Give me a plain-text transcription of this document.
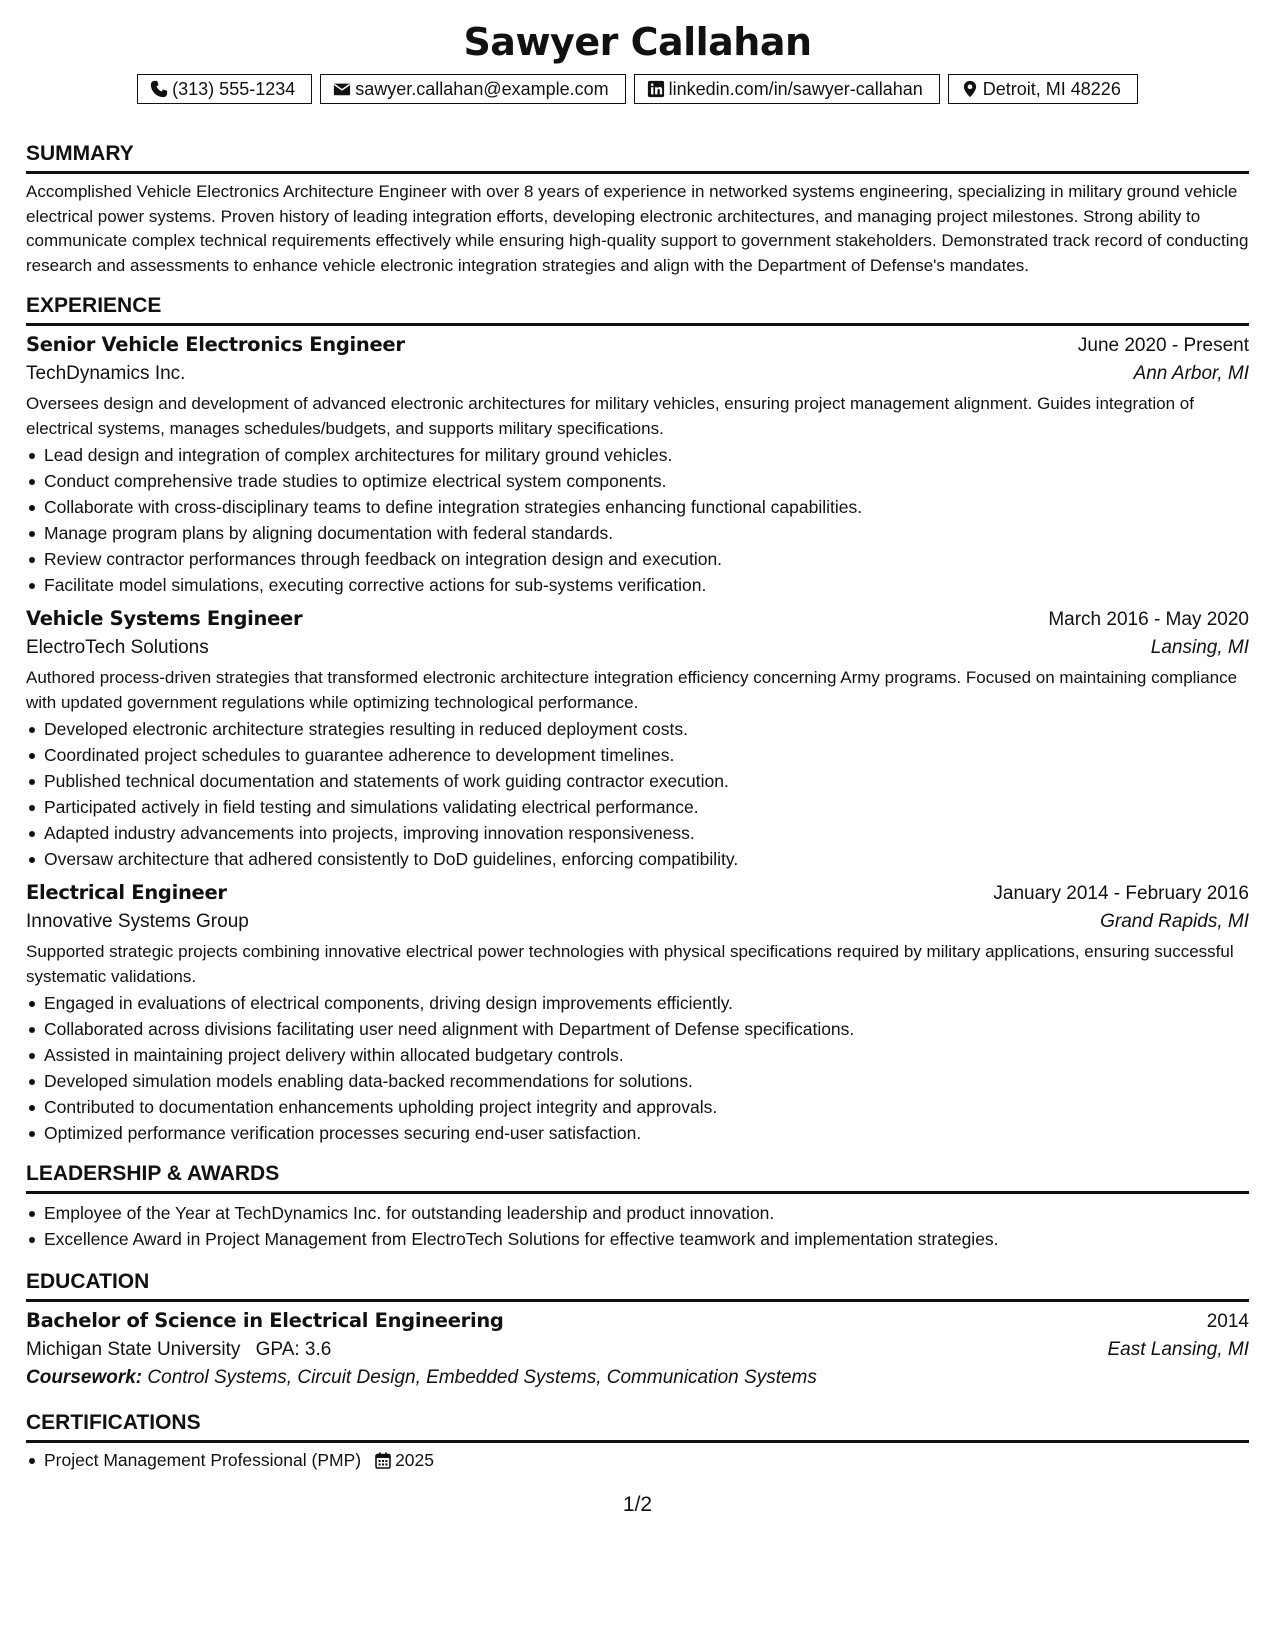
Sawyer Callahan
(313) 555-1234	sawyer.callahan@example.com	linkedin.com/in/sawyer-callahan	Detroit, MI 48226
SUMMARY

Accomplished Vehicle Electronics Architecture Engineer with over 8 years of experience in networked systems engineering, specializing in military ground vehicle electrical power systems. Proven history of leading integration efforts, developing electronic architectures, and managing project milestones. Strong ability to communicate complex technical requirements effectively while ensuring high-quality support to government stakeholders. Demonstrated track record of conducting research and assessments to enhance vehicle electronic integration strategies and align with the Department of Defense's mandates.

EXPERIENCE
Senior Vehicle Electronics Engineer	June 2020 - Present
TechDynamics Inc.	Ann Arbor, MI

Oversees design and development of advanced electronic architectures for military vehicles, ensuring project management alignment. Guides integration of electrical systems, manages schedules/budgets, and supports military specifications.

Lead design and integration of complex architectures for military ground vehicles.
Conduct comprehensive trade studies to optimize electrical system components.
Collaborate with cross-disciplinary teams to define integration strategies enhancing functional capabilities.
Manage program plans by aligning documentation with federal standards.
Review contractor performances through feedback on integration design and execution.
Facilitate model simulations, executing corrective actions for sub-systems verification.
Vehicle Systems Engineer	March 2016 - May 2020
ElectroTech Solutions	Lansing, MI

Authored process-driven strategies that transformed electronic architecture integration efficiency concerning Army programs. Focused on maintaining compliance with updated government regulations while optimizing technological performance.

Developed electronic architecture strategies resulting in reduced deployment costs.
Coordinated project schedules to guarantee adherence to development timelines.
Published technical documentation and statements of work guiding contractor execution.
Participated actively in field testing and simulations validating electrical performance.
Adapted industry advancements into projects, improving innovation responsiveness.
Oversaw architecture that adhered consistently to DoD guidelines, enforcing compatibility.
Electrical Engineer	January 2014 - February 2016
Innovative Systems Group	Grand Rapids, MI

Supported strategic projects combining innovative electrical power technologies with physical specifications required by military applications, ensuring successful systematic validations.

Engaged in evaluations of electrical components, driving design improvements efficiently.
Collaborated across divisions facilitating user need alignment with Department of Defense specifications.
Assisted in maintaining project delivery within allocated budgetary controls.
Developed simulation models enabling data-backed recommendations for solutions.
Contributed to documentation enhancements upholding project integrity and approvals.
Optimized performance verification processes securing end-user satisfaction.
LEADERSHIP & AWARDS
Employee of the Year at TechDynamics Inc. for outstanding leadership and product innovation.
Excellence Award in Project Management from ElectroTech Solutions for effective teamwork and implementation strategies.
EDUCATION
Bachelor of Science in Electrical Engineering	2014
Michigan State University GPA: 3.6	East Lansing, MI
Coursework: Control Systems, Circuit Design, Embedded Systems, Communication Systems
CERTIFICATIONS
Project Management Professional (PMP) 2025
1/2
